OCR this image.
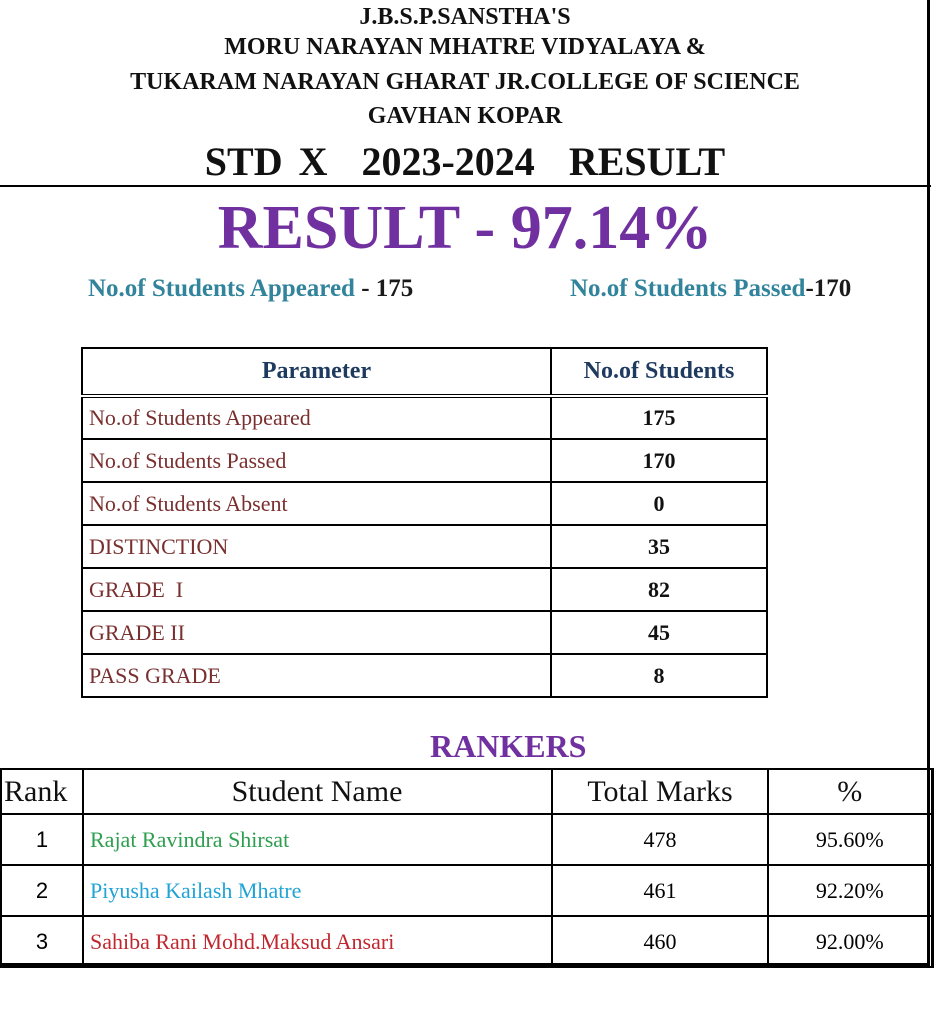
J.B.S.P.SANSTHA'S
MORU NARAYAN MHATRE VIDYALAYA &
TUKARAM NARAYAN GHARAT JR.COLLEGE OF SCIENCE
GAVHAN KOPAR
STD X 2023-2024 RESULT
RESULT - 97.14%
No.of Students Appeared - 175	No.of Students Passed-170
Parameter	No.of Students
No.of Students Appeared	175
No.of Students Passed	170
No.of Students Absent	0
DISTINCTION	35
GRADE  I	82
GRADE II	45
PASS GRADE	8
RANKERS
Rank	Student Name	Total Marks	%
1	Rajat Ravindra Shirsat	478	95.60%
2	Piyusha Kailash Mhatre	461	92.20%
3	Sahiba Rani Mohd.Maksud Ansari	460	92.00%
